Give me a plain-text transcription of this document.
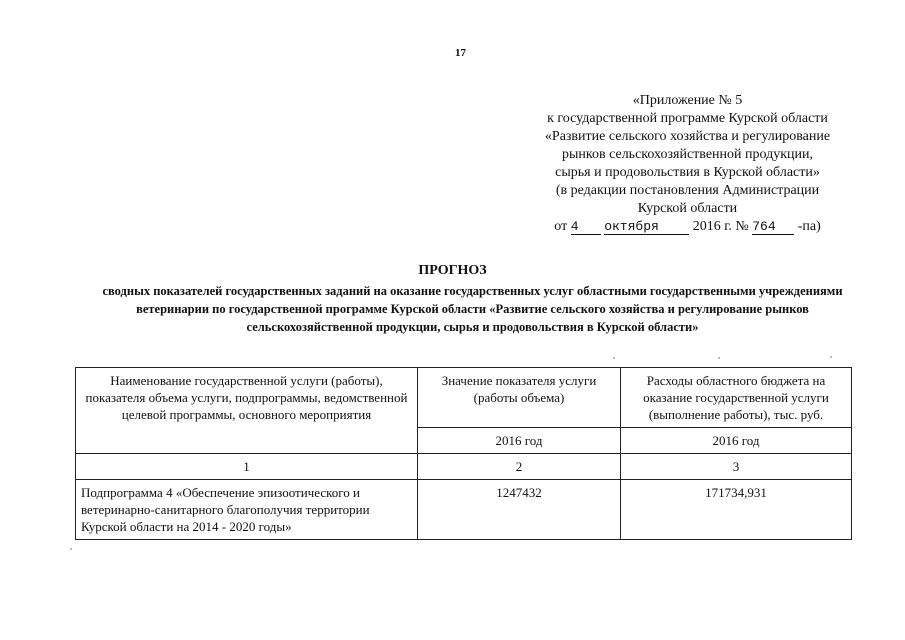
17
«Приложение № 5
к государственной программе Курской области
«Развитие сельского хозяйства и регулирование
рынков сельскохозяйственной продукции,
сырья и продовольствия в Курской области»
(в редакции постановления Администрации
Курской области
от 4 октября 2016 г. № 764 -па)
ПРОГНОЗ
сводных показателей государственных заданий на оказание государственных услуг областными государственными учреждениями ветеринарии по государственной программе Курской области «Развитие сельского хозяйства и регулирование рынков сельскохозяйственной продукции, сырья и продовольствия в Курской области»
Наименование государственной услуги (работы), показателя объема услуги, подпрограммы, ведомственной целевой программы, основного мероприятия	Значение показателя услуги (работы объема)	Расходы областного бюджета на оказание государственной услуги (выполнение работы), тыс. руб.
	2016 год	2016 год
1	2	3
Подпрограмма 4 «Обеспечение эпизоотического и ветеринарно-санитарного благополучия территории Курской области на 2014 - 2020 годы»	1247432	171734,931
